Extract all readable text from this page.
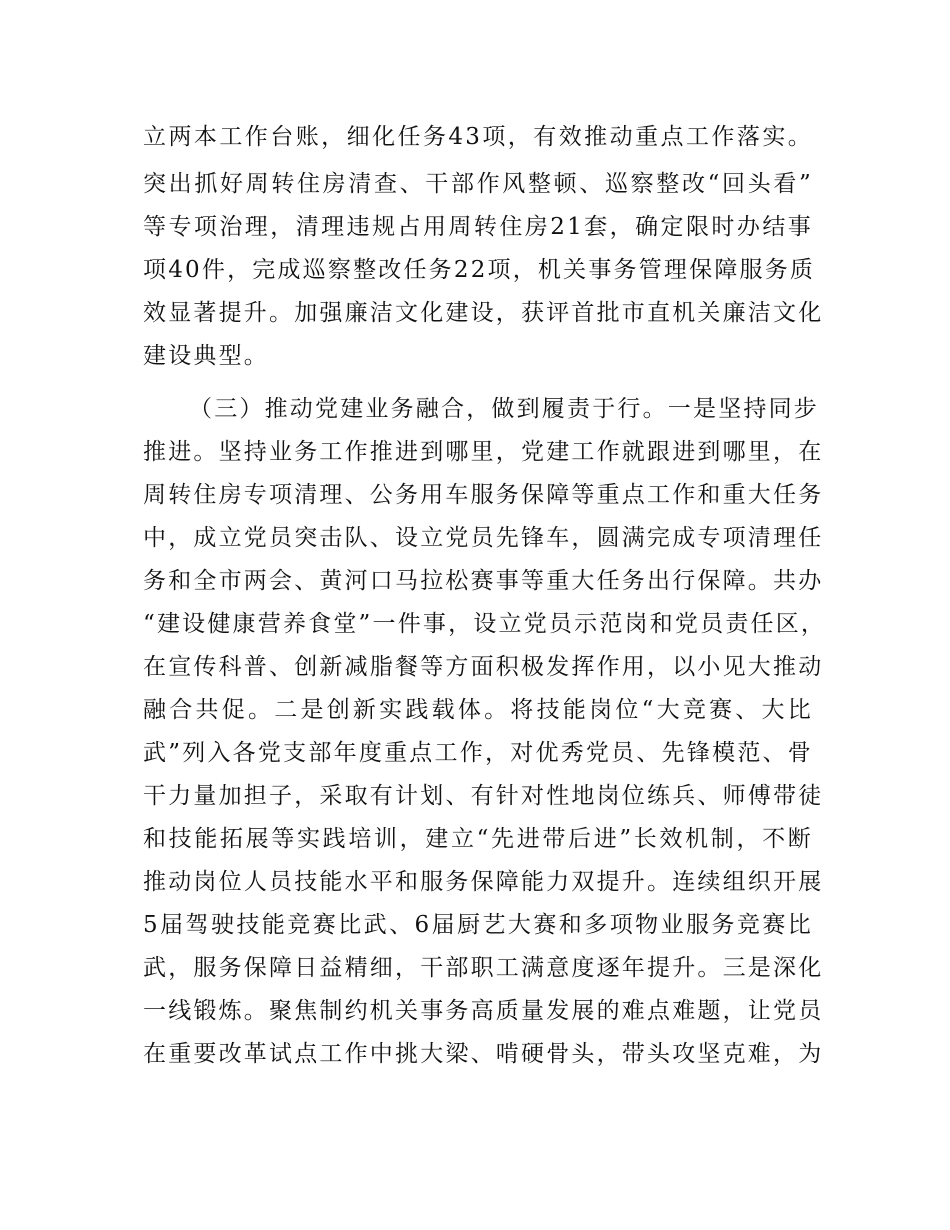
立两本工作台账，细化任务43项，有效推动重点工作落实。
突出抓好周转住房清查、干部作风整顿、巡察整改“回头看”
等专项治理，清理违规占用周转住房21套，确定限时办结事
项40件，完成巡察整改任务22项，机关事务管理保障服务质
效显著提升。加强廉洁文化建设，获评首批市直机关廉洁文化
建设典型。
（三）推动党建业务融合，做到履责于行。一是坚持同步
推进。坚持业务工作推进到哪里，党建工作就跟进到哪里，在
周转住房专项清理、公务用车服务保障等重点工作和重大任务
中，成立党员突击队、设立党员先锋车，圆满完成专项清理任
务和全市两会、黄河口马拉松赛事等重大任务出行保障。共办
“建设健康营养食堂”一件事，设立党员示范岗和党员责任区，
在宣传科普、创新减脂餐等方面积极发挥作用，以小见大推动
融合共促。二是创新实践载体。将技能岗位“大竞赛、大比
武”列入各党支部年度重点工作，对优秀党员、先锋模范、骨
干力量加担子，采取有计划、有针对性地岗位练兵、师傅带徒
和技能拓展等实践培训，建立“先进带后进”长效机制，不断
推动岗位人员技能水平和服务保障能力双提升。连续组织开展
5届驾驶技能竞赛比武、6届厨艺大赛和多项物业服务竞赛比
武，服务保障日益精细，干部职工满意度逐年提升。三是深化
一线锻炼。聚焦制约机关事务高质量发展的难点难题，让党员
在重要改革试点工作中挑大梁、啃硬骨头，带头攻坚克难，为
